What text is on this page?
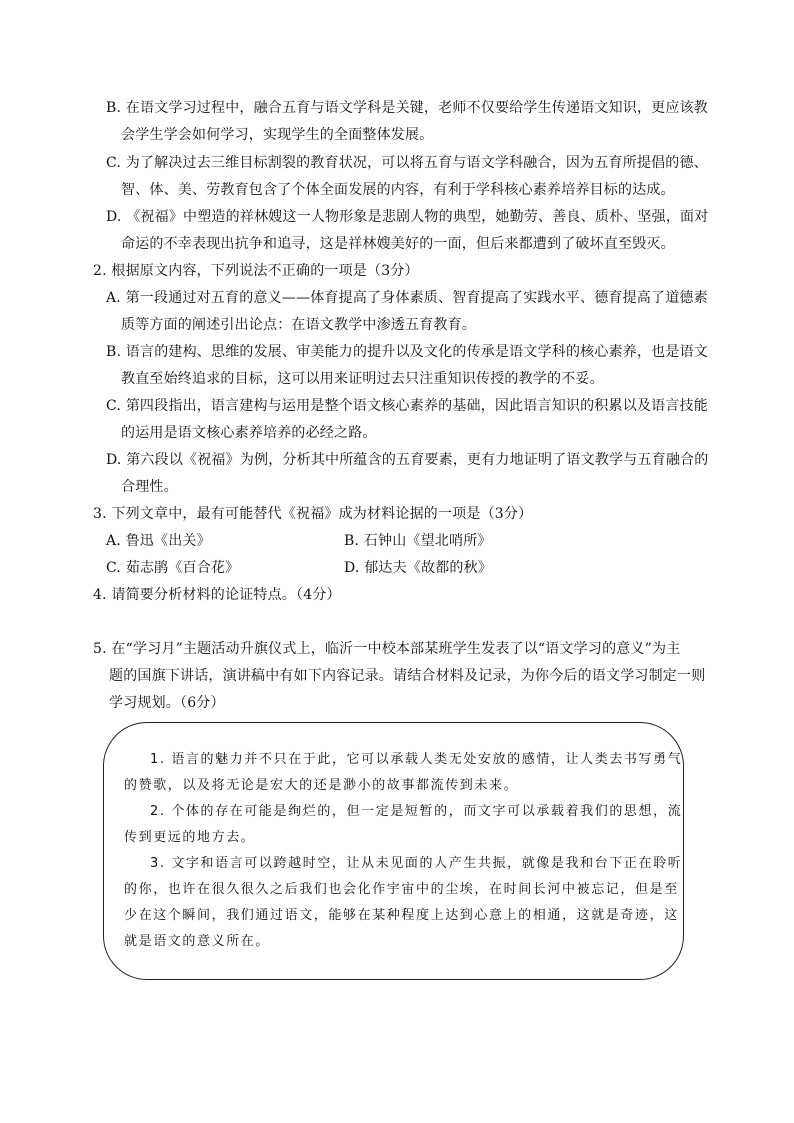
B. 在语文学习过程中，融合五育与语文学科是关键，老师不仅要给学生传递语文知识，更应该教
会学生学会如何学习，实现学生的全面整体发展。
C. 为了解决过去三维目标割裂的教育状况，可以将五育与语文学科融合，因为五育所提倡的德、
智、体、美、劳教育包含了个体全面发展的内容，有利于学科核心素养培养目标的达成。
D. 《祝福》中塑造的祥林嫂这一人物形象是悲剧人物的典型，她勤劳、善良、质朴、坚强，面对
命运的不幸表现出抗争和追寻，这是祥林嫂美好的一面，但后来都遭到了破坏直至毁灭。
2. 根据原文内容，下列说法不正确的一项是（3分）
A. 第一段通过对五育的意义——体育提高了身体素质、智育提高了实践水平、德育提高了道德素
质等方面的阐述引出论点：在语文教学中渗透五育教育。
B. 语言的建构、思维的发展、审美能力的提升以及文化的传承是语文学科的核心素养，也是语文
教直至始终追求的目标，这可以用来证明过去只注重知识传授的教学的不妥。
C. 第四段指出，语言建构与运用是整个语文核心素养的基础，因此语言知识的积累以及语言技能
的运用是语文核心素养培养的必经之路。
D. 第六段以《祝福》为例，分析其中所蕴含的五育要素，更有力地证明了语文教学与五育融合的
合理性。
3. 下列文章中，最有可能替代《祝福》成为材料论据的一项是（3分）
A. 鲁迅《出关》	B. 石钟山《望北哨所》
C. 茹志鹃《百合花》	D. 郁达夫《故都的秋》
4. 请简要分析材料的论证特点。（4分）
5. 在“学习月”主题活动升旗仪式上，临沂一中校本部某班学生发表了以“语文学习的意义”为主
题的国旗下讲话，演讲稿中有如下内容记录。请结合材料及记录，为你今后的语文学习制定一则
学习规划。（6分）
1. 语言的魅力并不只在于此，它可以承载人类无处安放的感情，让人类去书写勇气
的赞歌，以及将无论是宏大的还是渺小的故事都流传到未来。
2. 个体的存在可能是绚烂的，但一定是短暂的，而文字可以承载着我们的思想，流
传到更远的地方去。
3. 文字和语言可以跨越时空，让从未见面的人产生共振，就像是我和台下正在聆听
的你，也许在很久很久之后我们也会化作宇宙中的尘埃，在时间长河中被忘记，但是至
少在这个瞬间，我们通过语文，能够在某种程度上达到心意上的相通，这就是奇迹，这
就是语文的意义所在。
